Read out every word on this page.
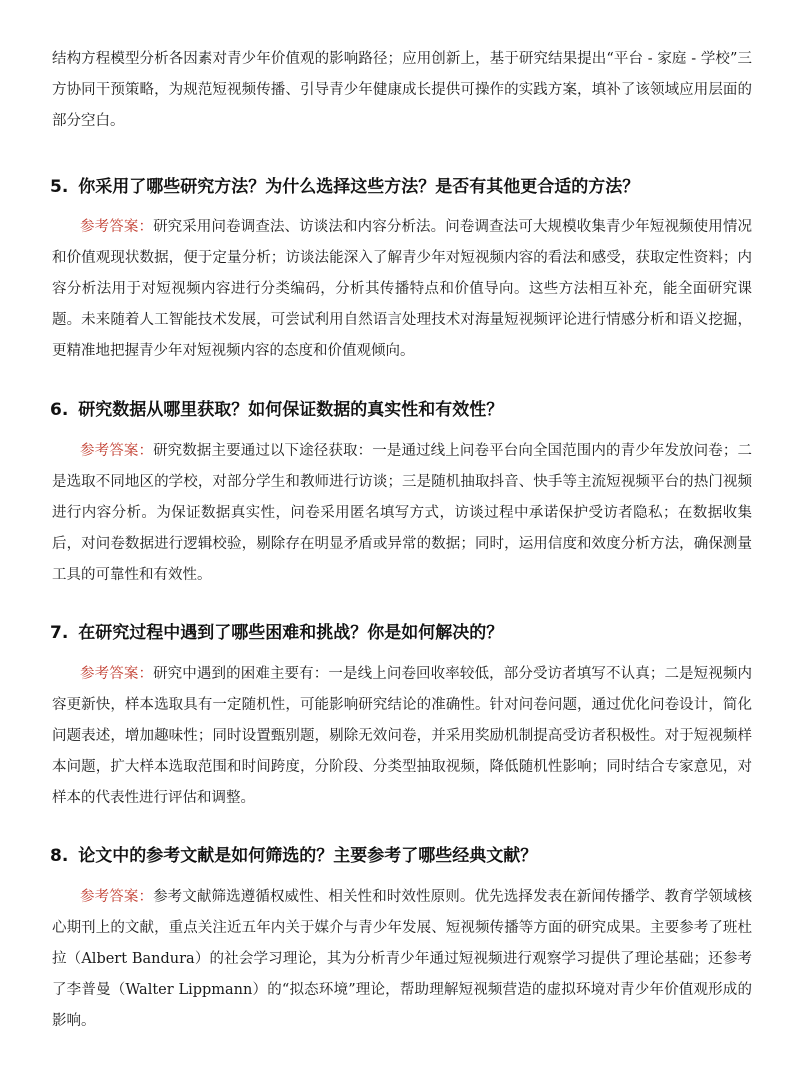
结构方程模型分析各因素对青少年价值观的影响路径；应用创新上，基于研究结果提出“平台 - 家庭 - 学校”三方协同干预策略，为规范短视频传播、引导青少年健康成长提供可操作的实践方案，填补了该领域应用层面的部分空白。

5. 你采用了哪些研究方法？为什么选择这些方法？是否有其他更合适的方法？

参考答案：研究采用问卷调查法、访谈法和内容分析法。问卷调查法可大规模收集青少年短视频使用情况和价值观现状数据，便于定量分析；访谈法能深入了解青少年对短视频内容的看法和感受，获取定性资料；内容分析法用于对短视频内容进行分类编码，分析其传播特点和价值导向。这些方法相互补充，能全面研究课题。未来随着人工智能技术发展，可尝试利用自然语言处理技术对海量短视频评论进行情感分析和语义挖掘，更精准地把握青少年对短视频内容的态度和价值观倾向。

6. 研究数据从哪里获取？如何保证数据的真实性和有效性？

参考答案：研究数据主要通过以下途径获取：一是通过线上问卷平台向全国范围内的青少年发放问卷；二是选取不同地区的学校，对部分学生和教师进行访谈；三是随机抽取抖音、快手等主流短视频平台的热门视频进行内容分析。为保证数据真实性，问卷采用匿名填写方式，访谈过程中承诺保护受访者隐私；在数据收集后，对问卷数据进行逻辑校验，剔除存在明显矛盾或异常的数据；同时，运用信度和效度分析方法，确保测量工具的可靠性和有效性。

7. 在研究过程中遇到了哪些困难和挑战？你是如何解决的？

参考答案：研究中遇到的困难主要有：一是线上问卷回收率较低，部分受访者填写不认真；二是短视频内容更新快，样本选取具有一定随机性，可能影响研究结论的准确性。针对问卷问题，通过优化问卷设计，简化问题表述，增加趣味性；同时设置甄别题，剔除无效问卷，并采用奖励机制提高受访者积极性。对于短视频样本问题，扩大样本选取范围和时间跨度，分阶段、分类型抽取视频，降低随机性影响；同时结合专家意见，对样本的代表性进行评估和调整。

8. 论文中的参考文献是如何筛选的？主要参考了哪些经典文献？

参考答案：参考文献筛选遵循权威性、相关性和时效性原则。优先选择发表在新闻传播学、教育学领域核心期刊上的文献，重点关注近五年内关于媒介与青少年发展、短视频传播等方面的研究成果。主要参考了班杜拉（Albert Bandura）的社会学习理论，其为分析青少年通过短视频进行观察学习提供了理论基础；还参考了李普曼（Walter Lippmann）的“拟态环境”理论，帮助理解短视频营造的虚拟环境对青少年价值观形成的影响。
